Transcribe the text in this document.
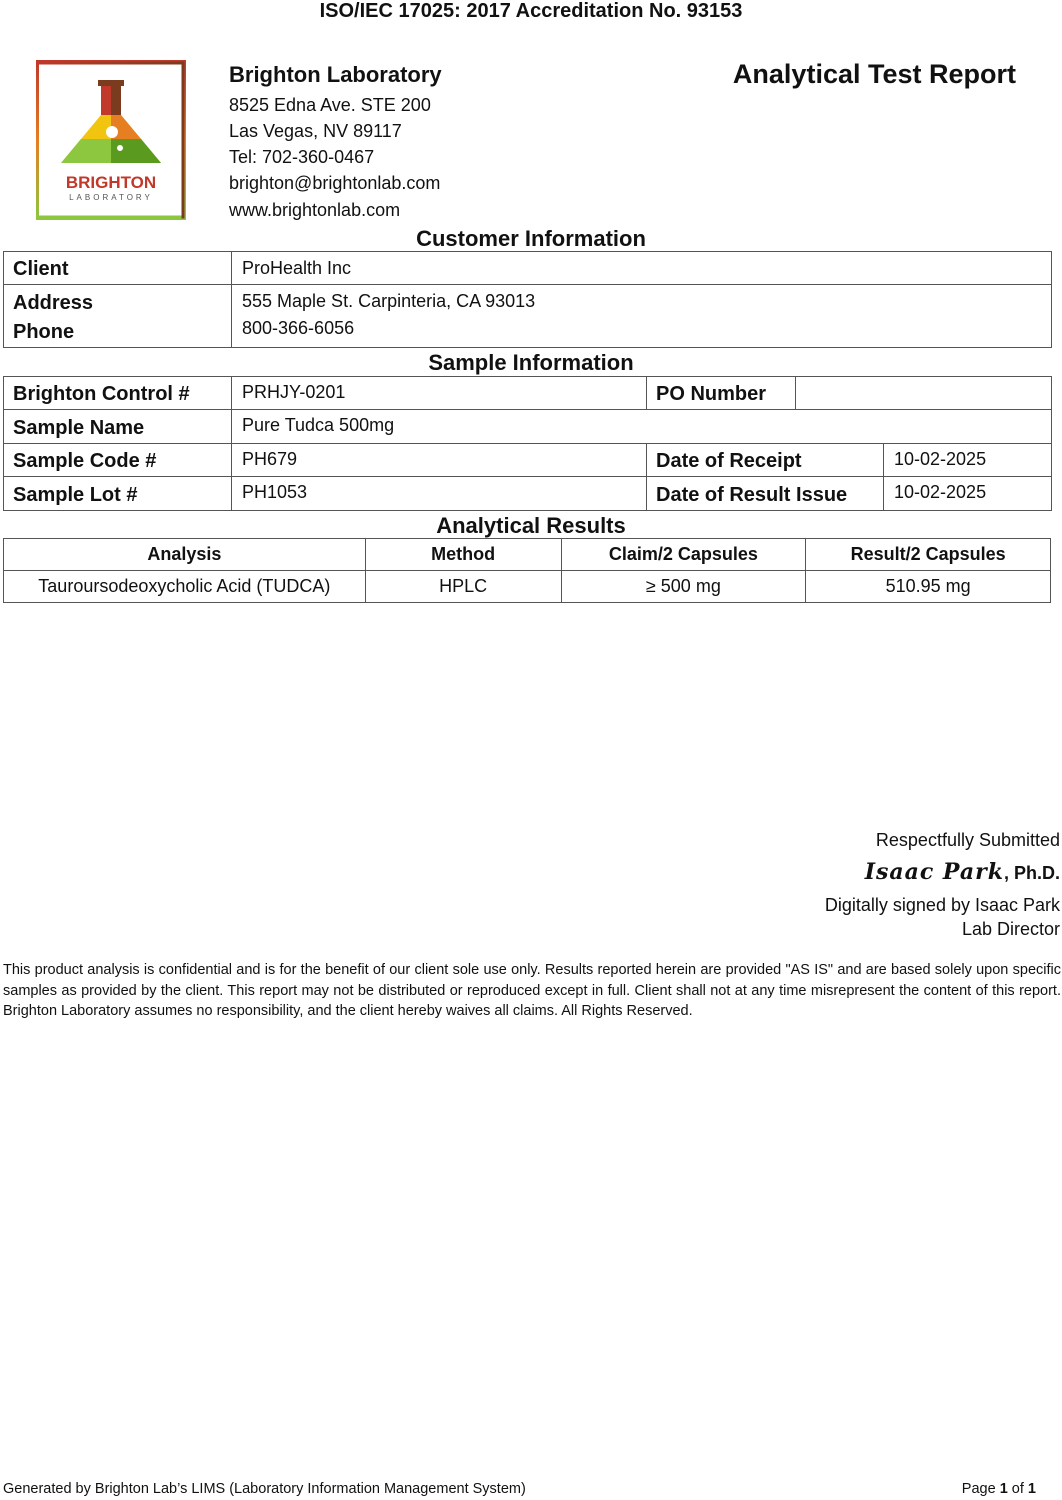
ISO/IEC 17025: 2017 Accreditation No. 93153
BRIGHTON
LABORATORY
Brighton Laboratory
8525 Edna Ave. STE 200
Las Vegas, NV 89117
Tel: 702-360-0467
brighton@brightonlab.com
www.brightonlab.com
Analytical Test Report
Customer Information
Client	ProHealth Inc
Address	555 Maple St. Carpinteria, CA 93013
Phone	800-366-6056
Sample Information
Brighton Control #	PRHJY-0201	PO Number
Sample Name	Pure Tudca 500mg
Sample Code #	PH679	Date of Receipt	10-02-2025
Sample Lot #	PH1053	Date of Result Issue	10-02-2025
Analytical Results
Analysis	Method	Claim/2 Capsules	Result/2 Capsules
Tauroursodeoxycholic Acid (TUDCA)	HPLC	≥ 500 mg	510.95 mg
Respectfully Submitted
Isaac Park, Ph.D.
Digitally signed by Isaac Park
Lab Director
This product analysis is confidential and is for the benefit of our client sole use only. Results reported herein are provided "AS IS" and are based solely upon specific samples as provided by the client. This report may not be distributed or reproduced except in full. Client shall not at any time misrepresent the content of this report. Brighton Laboratory assumes no responsibility, and the client hereby waives all claims. All Rights Reserved.
Generated by Brighton Lab’s LIMS (Laboratory Information Management System)	Page 1 of 1
